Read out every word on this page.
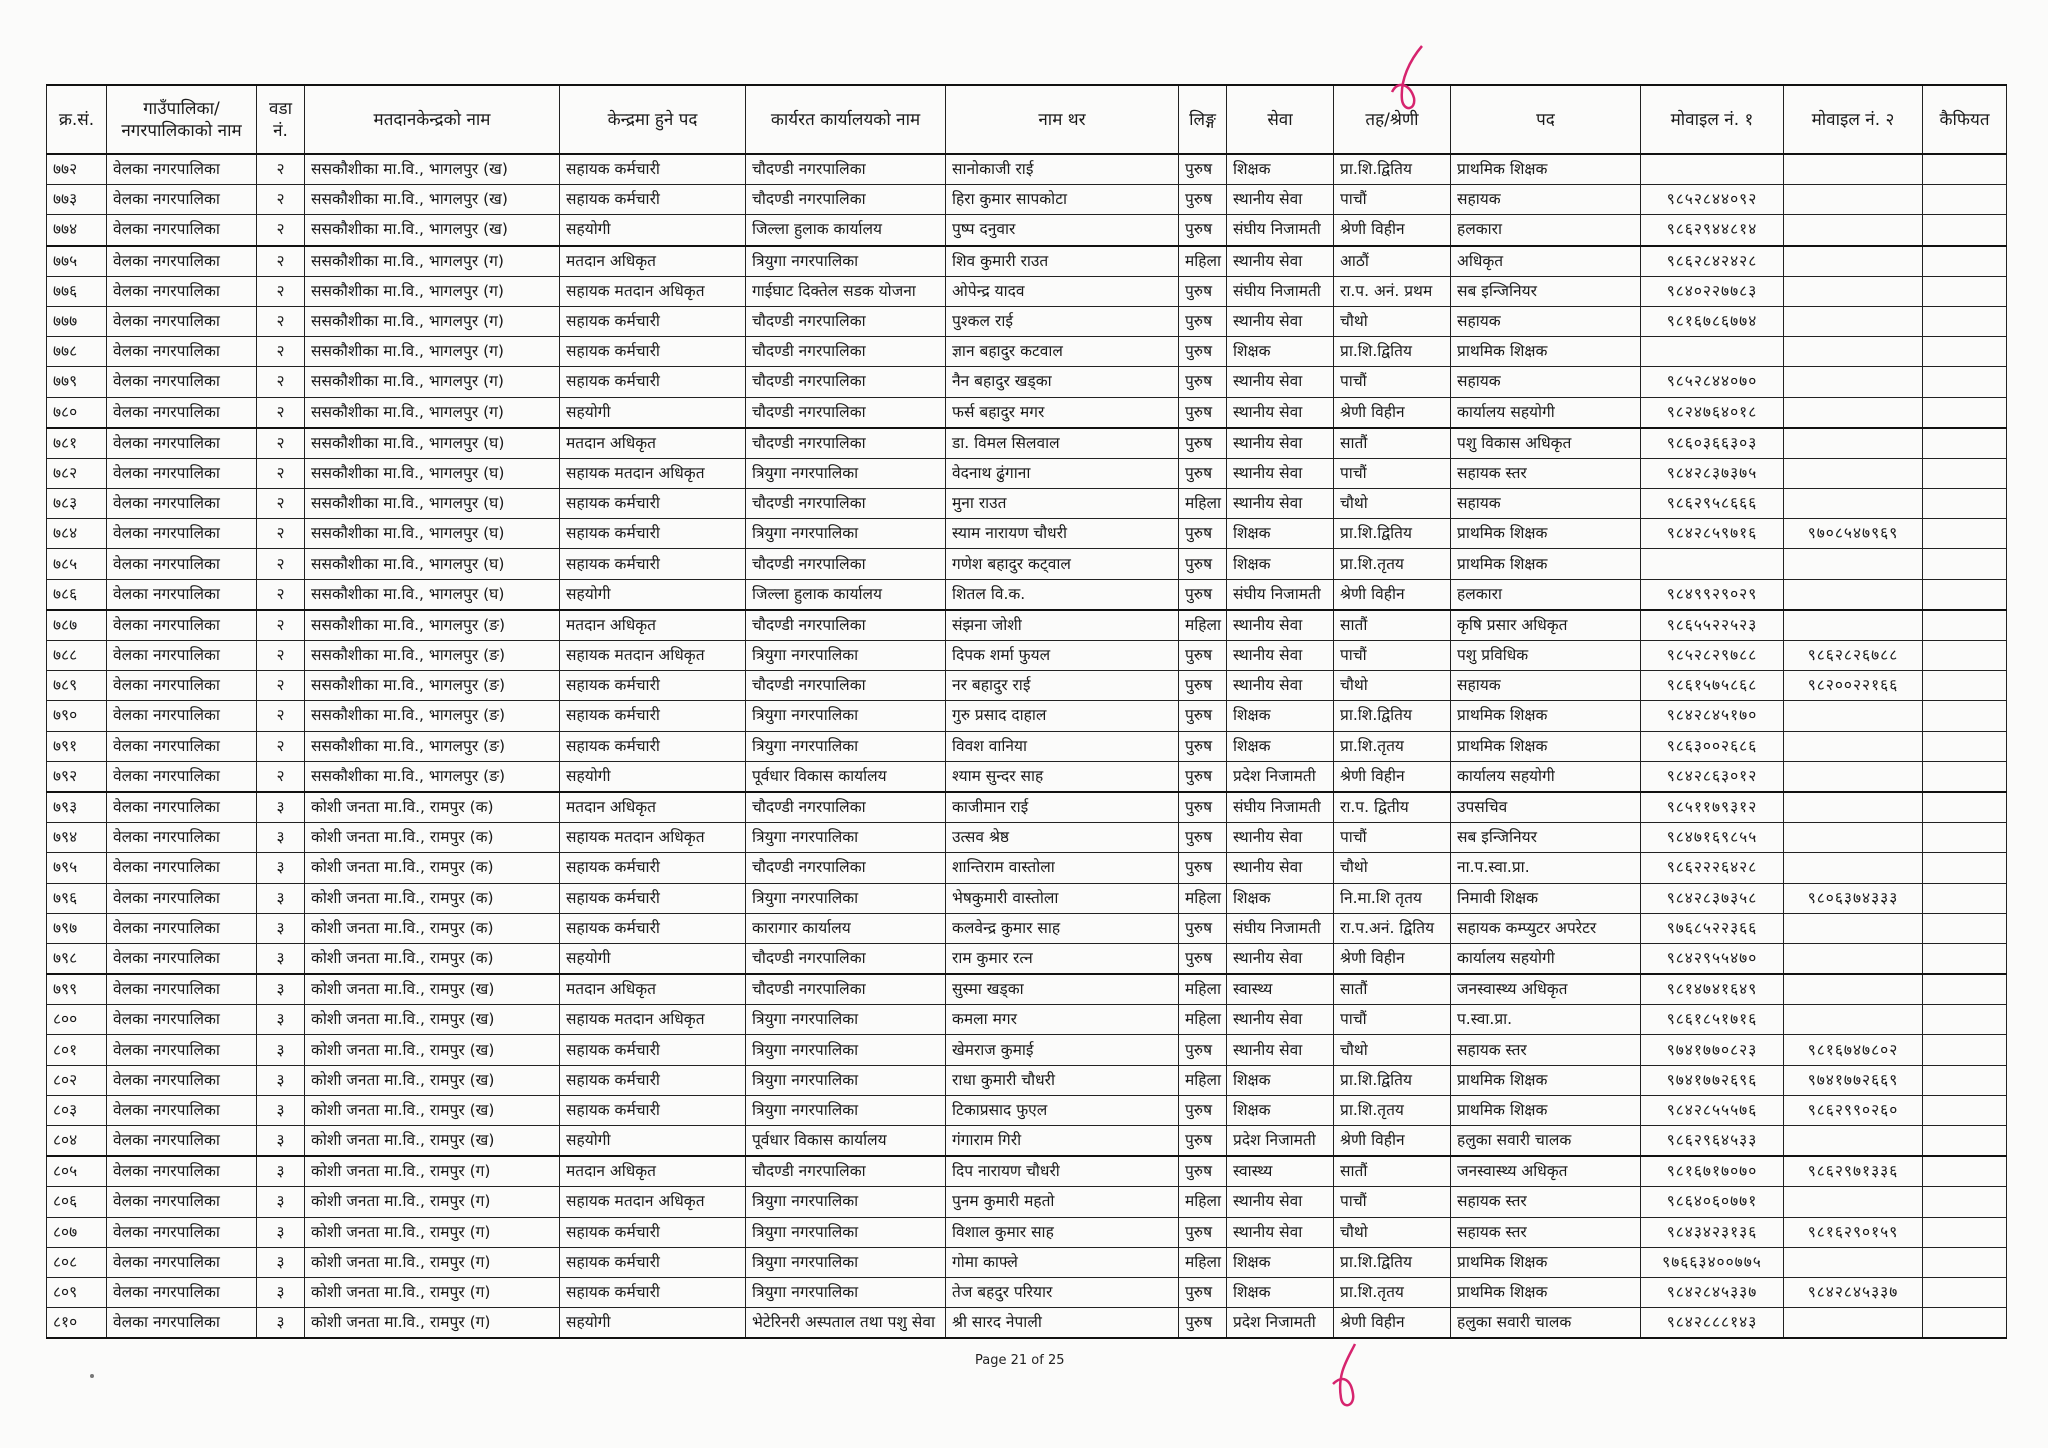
क्र.सं.	गाउँपालिका/नगरपालिकाको नाम	वडा नं.	मतदानकेन्द्रको नाम	केन्द्रमा हुने पद	कार्यरत कार्यालयको नाम	नाम थर	लिङ्ग	सेवा	तह/श्रेणी	पद	मोवाइल नं. १	मोवाइल नं. २	कैफियत
७७२	वेलका नगरपालिका	२	ससकौशीका मा.वि., भागलपुर (ख)	सहायक कर्मचारी	चौदण्डी नगरपालिका	सानोकाजी राई	पुरुष	शिक्षक	प्रा.शि.द्वितिय	प्राथमिक शिक्षक			
७७३	वेलका नगरपालिका	२	ससकौशीका मा.वि., भागलपुर (ख)	सहायक कर्मचारी	चौदण्डी नगरपालिका	हिरा कुमार सापकोटा	पुरुष	स्थानीय सेवा	पाचौं	सहायक	९८५२८४४०९२		
७७४	वेलका नगरपालिका	२	ससकौशीका मा.वि., भागलपुर (ख)	सहयोगी	जिल्ला हुलाक कार्यालय	पुष्प दनुवार	पुरुष	संघीय निजामती	श्रेणी विहीन	हलकारा	९८६२९४४८१४		
७७५	वेलका नगरपालिका	२	ससकौशीका मा.वि., भागलपुर (ग)	मतदान अधिकृत	त्रियुगा नगरपालिका	शिव कुमारी राउत	महिला	स्थानीय सेवा	आठौं	अधिकृत	९८६२८४२४२८		
७७६	वेलका नगरपालिका	२	ससकौशीका मा.वि., भागलपुर (ग)	सहायक मतदान अधिकृत	गाईघाट दिक्तेल सडक योजना	ओपेन्द्र यादव	पुरुष	संघीय निजामती	रा.प. अनं. प्रथम	सब इन्जिनियर	९८४०२२७७८३		
७७७	वेलका नगरपालिका	२	ससकौशीका मा.वि., भागलपुर (ग)	सहायक कर्मचारी	चौदण्डी नगरपालिका	पुश्कल राई	पुरुष	स्थानीय सेवा	चौथो	सहायक	९८१६७८६७७४		
७७८	वेलका नगरपालिका	२	ससकौशीका मा.वि., भागलपुर (ग)	सहायक कर्मचारी	चौदण्डी नगरपालिका	ज्ञान बहादुर कटवाल	पुरुष	शिक्षक	प्रा.शि.द्वितिय	प्राथमिक शिक्षक			
७७९	वेलका नगरपालिका	२	ससकौशीका मा.वि., भागलपुर (ग)	सहायक कर्मचारी	चौदण्डी नगरपालिका	नैन बहादुर खड्का	पुरुष	स्थानीय सेवा	पाचौं	सहायक	९८५२८४४०७०		
७८०	वेलका नगरपालिका	२	ससकौशीका मा.वि., भागलपुर (ग)	सहयोगी	चौदण्डी नगरपालिका	फर्स बहादुर मगर	पुरुष	स्थानीय सेवा	श्रेणी विहीन	कार्यालय सहयोगी	९८२४७६४०१८		
७८१	वेलका नगरपालिका	२	ससकौशीका मा.वि., भागलपुर (घ)	मतदान अधिकृत	चौदण्डी नगरपालिका	डा. विमल सिलवाल	पुरुष	स्थानीय सेवा	सातौं	पशु विकास अधिकृत	९८६०३६६३०३		
७८२	वेलका नगरपालिका	२	ससकौशीका मा.वि., भागलपुर (घ)	सहायक मतदान अधिकृत	त्रियुगा नगरपालिका	वेदनाथ ढुंगाना	पुरुष	स्थानीय सेवा	पाचौं	सहायक स्तर	९८४२८३७३७५		
७८३	वेलका नगरपालिका	२	ससकौशीका मा.वि., भागलपुर (घ)	सहायक कर्मचारी	चौदण्डी नगरपालिका	मुना राउत	महिला	स्थानीय सेवा	चौथो	सहायक	९८६२९५८६६६		
७८४	वेलका नगरपालिका	२	ससकौशीका मा.वि., भागलपुर (घ)	सहायक कर्मचारी	त्रियुगा नगरपालिका	स्याम नारायण चौधरी	पुरुष	शिक्षक	प्रा.शि.द्वितिय	प्राथमिक शिक्षक	९८४२८५९७१६	९७०८५४७९६९	
७८५	वेलका नगरपालिका	२	ससकौशीका मा.वि., भागलपुर (घ)	सहायक कर्मचारी	चौदण्डी नगरपालिका	गणेश बहादुर कट्वाल	पुरुष	शिक्षक	प्रा.शि.तृतय	प्राथमिक शिक्षक			
७८६	वेलका नगरपालिका	२	ससकौशीका मा.वि., भागलपुर (घ)	सहयोगी	जिल्ला हुलाक कार्यालय	शितल वि.क.	पुरुष	संघीय निजामती	श्रेणी विहीन	हलकारा	९८४९९२९०२९		
७८७	वेलका नगरपालिका	२	ससकौशीका मा.वि., भागलपुर (ङ)	मतदान अधिकृत	चौदण्डी नगरपालिका	संझना जोशी	महिला	स्थानीय सेवा	सातौं	कृषि प्रसार अधिकृत	९८६५५२२५२३		
७८८	वेलका नगरपालिका	२	ससकौशीका मा.वि., भागलपुर (ङ)	सहायक मतदान अधिकृत	त्रियुगा नगरपालिका	दिपक शर्मा फुयल	पुरुष	स्थानीय सेवा	पाचौं	पशु प्रविधिक	९८५२८२९७८८	९८६२८२६७८८	
७८९	वेलका नगरपालिका	२	ससकौशीका मा.वि., भागलपुर (ङ)	सहायक कर्मचारी	चौदण्डी नगरपालिका	नर बहादुर राई	पुरुष	स्थानीय सेवा	चौथो	सहायक	९८६१५७५८६८	९८२००२२१६६	
७९०	वेलका नगरपालिका	२	ससकौशीका मा.वि., भागलपुर (ङ)	सहायक कर्मचारी	त्रियुगा नगरपालिका	गुरु प्रसाद दाहाल	पुरुष	शिक्षक	प्रा.शि.द्वितिय	प्राथमिक शिक्षक	९८४२८४५१७०		
७९१	वेलका नगरपालिका	२	ससकौशीका मा.वि., भागलपुर (ङ)	सहायक कर्मचारी	त्रियुगा नगरपालिका	विवश वानिया	पुरुष	शिक्षक	प्रा.शि.तृतय	प्राथमिक शिक्षक	९८६३००२६८६		
७९२	वेलका नगरपालिका	२	ससकौशीका मा.वि., भागलपुर (ङ)	सहयोगी	पूर्वधार विकास कार्यालय	श्याम सुन्दर साह	पुरुष	प्रदेश निजामती	श्रेणी विहीन	कार्यालय सहयोगी	९८४२८६३०१२		
७९३	वेलका नगरपालिका	३	कोशी जनता मा.वि., रामपुर (क)	मतदान अधिकृत	चौदण्डी नगरपालिका	काजीमान राई	पुरुष	संघीय निजामती	रा.प. द्वितीय	उपसचिव	९८५११७९३१२		
७९४	वेलका नगरपालिका	३	कोशी जनता मा.वि., रामपुर (क)	सहायक मतदान अधिकृत	त्रियुगा नगरपालिका	उत्सव श्रेष्ठ	पुरुष	स्थानीय सेवा	पाचौं	सब इन्जिनियर	९८४७१६९८५५		
७९५	वेलका नगरपालिका	३	कोशी जनता मा.वि., रामपुर (क)	सहायक कर्मचारी	चौदण्डी नगरपालिका	शान्तिराम वास्तोला	पुरुष	स्थानीय सेवा	चौथो	ना.प.स्वा.प्रा.	९८६२२२६४२८		
७९६	वेलका नगरपालिका	३	कोशी जनता मा.वि., रामपुर (क)	सहायक कर्मचारी	त्रियुगा नगरपालिका	भेषकुमारी वास्तोला	महिला	शिक्षक	नि.मा.शि तृतय	निमावी शिक्षक	९८४२८३७३५८	९८०६३७४३३३	
७९७	वेलका नगरपालिका	३	कोशी जनता मा.वि., रामपुर (क)	सहायक कर्मचारी	कारागार कार्यालय	कलवेन्द्र कुमार साह	पुरुष	संघीय निजामती	रा.प.अनं. द्वितिय	सहायक कम्प्युटर अपरेटर	९७६८५२२३६६		
७९८	वेलका नगरपालिका	३	कोशी जनता मा.वि., रामपुर (क)	सहयोगी	चौदण्डी नगरपालिका	राम कुमार रत्न	पुरुष	स्थानीय सेवा	श्रेणी विहीन	कार्यालय सहयोगी	९८४२९५५४७०		
७९९	वेलका नगरपालिका	३	कोशी जनता मा.वि., रामपुर (ख)	मतदान अधिकृत	चौदण्डी नगरपालिका	सुस्मा खड्का	महिला	स्वास्थ्य	सातौं	जनस्वास्थ्य अधिकृत	९८१४७४१६४९		
८००	वेलका नगरपालिका	३	कोशी जनता मा.वि., रामपुर (ख)	सहायक मतदान अधिकृत	त्रियुगा नगरपालिका	कमला मगर	महिला	स्थानीय सेवा	पाचौं	प.स्वा.प्रा.	९८६१८५१७१६		
८०१	वेलका नगरपालिका	३	कोशी जनता मा.वि., रामपुर (ख)	सहायक कर्मचारी	त्रियुगा नगरपालिका	खेमराज कुमाई	पुरुष	स्थानीय सेवा	चौथो	सहायक स्तर	९७४१७७०८२३	९८१६७४७८०२	
८०२	वेलका नगरपालिका	३	कोशी जनता मा.वि., रामपुर (ख)	सहायक कर्मचारी	त्रियुगा नगरपालिका	राधा कुमारी चौधरी	महिला	शिक्षक	प्रा.शि.द्वितिय	प्राथमिक शिक्षक	९७४१७७२६९६	९७४१७७२६६९	
८०३	वेलका नगरपालिका	३	कोशी जनता मा.वि., रामपुर (ख)	सहायक कर्मचारी	त्रियुगा नगरपालिका	टिकाप्रसाद फुएल	पुरुष	शिक्षक	प्रा.शि.तृतय	प्राथमिक शिक्षक	९८४२८५५५७६	९८६२९९०२६०	
८०४	वेलका नगरपालिका	३	कोशी जनता मा.वि., रामपुर (ख)	सहयोगी	पूर्वधार विकास कार्यालय	गंंगाराम गिरी	पुरुष	प्रदेश निजामती	श्रेणी विहीन	हलुका सवारी चालक	९८६२९६४५३३		
८०५	वेलका नगरपालिका	३	कोशी जनता मा.वि., रामपुर (ग)	मतदान अधिकृत	चौदण्डी नगरपालिका	दिप नारायण चौधरी	पुरुष	स्वास्थ्य	सातौं	जनस्वास्थ्य अधिकृत	९८१६७१७०७०	९८६२९७१३३६	
८०६	वेलका नगरपालिका	३	कोशी जनता मा.वि., रामपुर (ग)	सहायक मतदान अधिकृत	त्रियुगा नगरपालिका	पुनम कुमारी महतो	महिला	स्थानीय सेवा	पाचौं	सहायक स्तर	९८६४०६०७७१		
८०७	वेलका नगरपालिका	३	कोशी जनता मा.वि., रामपुर (ग)	सहायक कर्मचारी	त्रियुगा नगरपालिका	विशाल कुमार साह	पुरुष	स्थानीय सेवा	चौथो	सहायक स्तर	९८४३४२३१३६	९८१६२९०१५९	
८०८	वेलका नगरपालिका	३	कोशी जनता मा.वि., रामपुर (ग)	सहायक कर्मचारी	त्रियुगा नगरपालिका	गोमा काफ्ले	महिला	शिक्षक	प्रा.शि.द्वितिय	प्राथमिक शिक्षक	९७६६३४००७७५		
८०९	वेलका नगरपालिका	३	कोशी जनता मा.वि., रामपुर (ग)	सहायक कर्मचारी	त्रियुगा नगरपालिका	तेज बहदुर परियार	पुरुष	शिक्षक	प्रा.शि.तृतय	प्राथमिक शिक्षक	९८४२८४५३३७	९८४२८४५३३७	
८१०	वेलका नगरपालिका	३	कोशी जनता मा.वि., रामपुर (ग)	सहयोगी	भेटेरिनरी अस्पताल तथा पशु सेवा	श्री सारद नेपाली	पुरुष	प्रदेश निजामती	श्रेणी विहीन	हलुका सवारी चालक	९८४२८८८१४३		
Page 21 of 25
